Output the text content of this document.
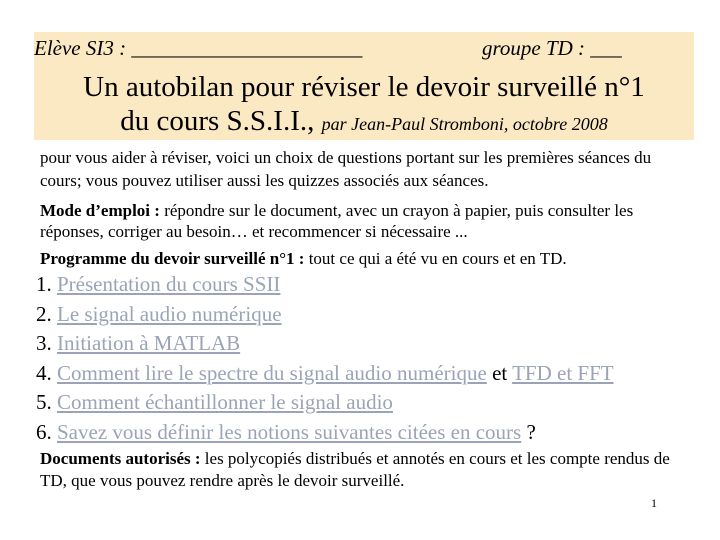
Elève SI3 : ______________________	groupe TD : ___
Un autobilan pour réviser le devoir surveillé n°1
du cours S.S.I.I., par Jean-Paul Stromboni, octobre 2008
pour vous aider à réviser, voici un choix de questions portant sur les premières séances du cours; vous pouvez utiliser aussi les quizzes associés aux séances.
Mode d’emploi : répondre sur le document, avec un crayon à papier, puis consulter les réponses, corriger au besoin… et recommencer si nécessaire ...
Programme du devoir surveillé n°1 : tout ce qui a été vu en cours et en TD.
1. Présentation du cours SSII
2. Le signal audio numérique
3. Initiation à MATLAB
4. Comment lire le spectre du signal audio numérique et TFD et FFT
5. Comment échantillonner le signal audio
6. Savez vous définir les notions suivantes citées en cours ?
Documents autorisés : les polycopiés distribués et annotés en cours et les compte rendus de TD, que vous pouvez rendre après le devoir surveillé.
1
